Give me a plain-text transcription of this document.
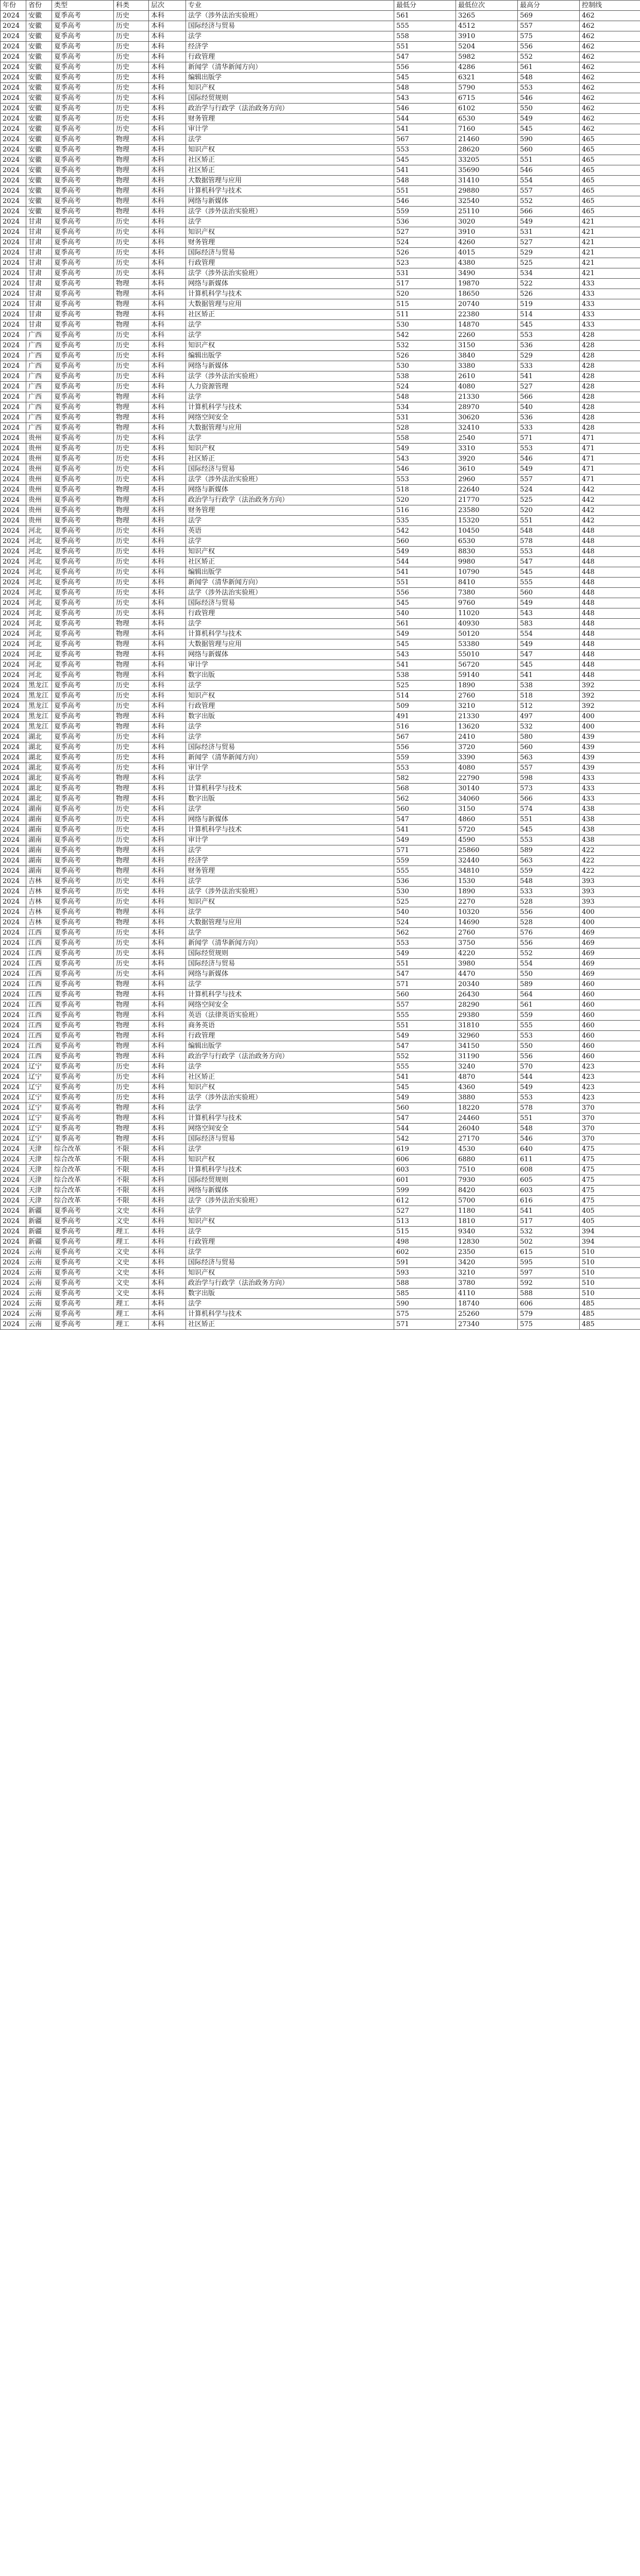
年份	省份	类型	科类	层次	专业	最低分	最低位次	最高分	控制线
2024	安徽	夏季高考	历史	本科	法学（涉外法治实验班）	561	3265	569	462
2024	安徽	夏季高考	历史	本科	国际经济与贸易	555	4512	557	462
2024	安徽	夏季高考	历史	本科	法学	558	3910	575	462
2024	安徽	夏季高考	历史	本科	经济学	551	5204	556	462
2024	安徽	夏季高考	历史	本科	行政管理	547	5982	552	462
2024	安徽	夏季高考	历史	本科	新闻学（清华新闻方向）	556	4286	561	462
2024	安徽	夏季高考	历史	本科	编辑出版学	545	6321	548	462
2024	安徽	夏季高考	历史	本科	知识产权	548	5790	553	462
2024	安徽	夏季高考	历史	本科	国际经贸规则	543	6715	546	462
2024	安徽	夏季高考	历史	本科	政治学与行政学（法治政务方向）	546	6102	550	462
2024	安徽	夏季高考	历史	本科	财务管理	544	6530	549	462
2024	安徽	夏季高考	历史	本科	审计学	541	7160	545	462
2024	安徽	夏季高考	物理	本科	法学	567	21460	590	465
2024	安徽	夏季高考	物理	本科	知识产权	553	28620	560	465
2024	安徽	夏季高考	物理	本科	社区矫正	545	33205	551	465
2024	安徽	夏季高考	物理	本科	社区矫正	541	35690	546	465
2024	安徽	夏季高考	物理	本科	大数据管理与应用	548	31410	554	465
2024	安徽	夏季高考	物理	本科	计算机科学与技术	551	29880	557	465
2024	安徽	夏季高考	物理	本科	网络与新媒体	546	32540	552	465
2024	安徽	夏季高考	物理	本科	法学（涉外法治实验班）	559	25110	566	465
2024	甘肃	夏季高考	历史	本科	法学	536	3020	549	421
2024	甘肃	夏季高考	历史	本科	知识产权	527	3910	531	421
2024	甘肃	夏季高考	历史	本科	财务管理	524	4260	527	421
2024	甘肃	夏季高考	历史	本科	国际经济与贸易	526	4015	529	421
2024	甘肃	夏季高考	历史	本科	行政管理	523	4380	525	421
2024	甘肃	夏季高考	历史	本科	法学（涉外法治实验班）	531	3490	534	421
2024	甘肃	夏季高考	物理	本科	网络与新媒体	517	19870	522	433
2024	甘肃	夏季高考	物理	本科	计算机科学与技术	520	18650	526	433
2024	甘肃	夏季高考	物理	本科	大数据管理与应用	515	20740	519	433
2024	甘肃	夏季高考	物理	本科	社区矫正	511	22380	514	433
2024	甘肃	夏季高考	物理	本科	法学	530	14870	545	433
2024	广西	夏季高考	历史	本科	法学	542	2260	553	428
2024	广西	夏季高考	历史	本科	知识产权	532	3150	536	428
2024	广西	夏季高考	历史	本科	编辑出版学	526	3840	529	428
2024	广西	夏季高考	历史	本科	网络与新媒体	530	3380	533	428
2024	广西	夏季高考	历史	本科	法学（涉外法治实验班）	538	2610	541	428
2024	广西	夏季高考	历史	本科	人力资源管理	524	4080	527	428
2024	广西	夏季高考	物理	本科	法学	548	21330	566	428
2024	广西	夏季高考	物理	本科	计算机科学与技术	534	28970	540	428
2024	广西	夏季高考	物理	本科	网络空间安全	531	30620	536	428
2024	广西	夏季高考	物理	本科	大数据管理与应用	528	32410	533	428
2024	贵州	夏季高考	历史	本科	法学	558	2540	571	471
2024	贵州	夏季高考	历史	本科	知识产权	549	3310	553	471
2024	贵州	夏季高考	历史	本科	社区矫正	543	3920	546	471
2024	贵州	夏季高考	历史	本科	国际经济与贸易	546	3610	549	471
2024	贵州	夏季高考	历史	本科	法学（涉外法治实验班）	553	2960	557	471
2024	贵州	夏季高考	物理	本科	网络与新媒体	518	22640	524	442
2024	贵州	夏季高考	物理	本科	政治学与行政学（法治政务方向）	520	21770	525	442
2024	贵州	夏季高考	物理	本科	财务管理	516	23580	520	442
2024	贵州	夏季高考	物理	本科	法学	535	15320	551	442
2024	河北	夏季高考	历史	本科	英语	542	10450	548	448
2024	河北	夏季高考	历史	本科	法学	560	6530	578	448
2024	河北	夏季高考	历史	本科	知识产权	549	8830	553	448
2024	河北	夏季高考	历史	本科	社区矫正	544	9980	547	448
2024	河北	夏季高考	历史	本科	编辑出版学	541	10790	545	448
2024	河北	夏季高考	历史	本科	新闻学（清华新闻方向）	551	8410	555	448
2024	河北	夏季高考	历史	本科	法学（涉外法治实验班）	556	7380	560	448
2024	河北	夏季高考	历史	本科	国际经济与贸易	545	9760	549	448
2024	河北	夏季高考	历史	本科	行政管理	540	11020	543	448
2024	河北	夏季高考	物理	本科	法学	561	40930	583	448
2024	河北	夏季高考	物理	本科	计算机科学与技术	549	50120	554	448
2024	河北	夏季高考	物理	本科	大数据管理与应用	545	53380	549	448
2024	河北	夏季高考	物理	本科	网络与新媒体	543	55010	547	448
2024	河北	夏季高考	物理	本科	审计学	541	56720	545	448
2024	河北	夏季高考	物理	本科	数字出版	538	59140	541	448
2024	黑龙江	夏季高考	历史	本科	法学	525	1890	538	392
2024	黑龙江	夏季高考	历史	本科	知识产权	514	2760	518	392
2024	黑龙江	夏季高考	历史	本科	行政管理	509	3210	512	392
2024	黑龙江	夏季高考	物理	本科	数字出版	491	21330	497	400
2024	黑龙江	夏季高考	物理	本科	法学	516	13620	532	400
2024	湖北	夏季高考	历史	本科	法学	567	2410	580	439
2024	湖北	夏季高考	历史	本科	国际经济与贸易	556	3720	560	439
2024	湖北	夏季高考	历史	本科	新闻学（清华新闻方向）	559	3390	563	439
2024	湖北	夏季高考	历史	本科	审计学	553	4080	557	439
2024	湖北	夏季高考	物理	本科	法学	582	22790	598	433
2024	湖北	夏季高考	物理	本科	计算机科学与技术	568	30140	573	433
2024	湖北	夏季高考	物理	本科	数字出版	562	34060	566	433
2024	湖南	夏季高考	历史	本科	法学	560	3150	574	438
2024	湖南	夏季高考	历史	本科	网络与新媒体	547	4860	551	438
2024	湖南	夏季高考	历史	本科	计算机科学与技术	541	5720	545	438
2024	湖南	夏季高考	历史	本科	审计学	549	4590	553	438
2024	湖南	夏季高考	物理	本科	法学	571	25860	589	422
2024	湖南	夏季高考	物理	本科	经济学	559	32440	563	422
2024	湖南	夏季高考	物理	本科	财务管理	555	34810	559	422
2024	吉林	夏季高考	历史	本科	法学	536	1530	548	393
2024	吉林	夏季高考	历史	本科	法学（涉外法治实验班）	530	1890	533	393
2024	吉林	夏季高考	历史	本科	知识产权	525	2270	528	393
2024	吉林	夏季高考	物理	本科	法学	540	10320	556	400
2024	吉林	夏季高考	物理	本科	大数据管理与应用	524	14690	528	400
2024	江西	夏季高考	历史	本科	法学	562	2760	576	469
2024	江西	夏季高考	历史	本科	新闻学（清华新闻方向）	553	3750	556	469
2024	江西	夏季高考	历史	本科	国际经贸规则	549	4220	552	469
2024	江西	夏季高考	历史	本科	国际经济与贸易	551	3980	554	469
2024	江西	夏季高考	历史	本科	网络与新媒体	547	4470	550	469
2024	江西	夏季高考	物理	本科	法学	571	20340	589	460
2024	江西	夏季高考	物理	本科	计算机科学与技术	560	26430	564	460
2024	江西	夏季高考	物理	本科	网络空间安全	557	28290	561	460
2024	江西	夏季高考	物理	本科	英语（法律英语实验班）	555	29380	559	460
2024	江西	夏季高考	物理	本科	商务英语	551	31810	555	460
2024	江西	夏季高考	物理	本科	行政管理	549	32960	553	460
2024	江西	夏季高考	物理	本科	编辑出版学	547	34150	550	460
2024	江西	夏季高考	物理	本科	政治学与行政学（法治政务方向）	552	31190	556	460
2024	辽宁	夏季高考	历史	本科	法学	555	3240	570	423
2024	辽宁	夏季高考	历史	本科	社区矫正	541	4870	544	423
2024	辽宁	夏季高考	历史	本科	知识产权	545	4360	549	423
2024	辽宁	夏季高考	历史	本科	法学（涉外法治实验班）	549	3880	553	423
2024	辽宁	夏季高考	物理	本科	法学	560	18220	578	370
2024	辽宁	夏季高考	物理	本科	计算机科学与技术	547	24460	551	370
2024	辽宁	夏季高考	物理	本科	网络空间安全	544	26040	548	370
2024	辽宁	夏季高考	物理	本科	国际经济与贸易	542	27170	546	370
2024	天津	综合改革	不限	本科	法学	619	4530	640	475
2024	天津	综合改革	不限	本科	知识产权	606	6880	611	475
2024	天津	综合改革	不限	本科	计算机科学与技术	603	7510	608	475
2024	天津	综合改革	不限	本科	国际经贸规则	601	7930	605	475
2024	天津	综合改革	不限	本科	网络与新媒体	599	8420	603	475
2024	天津	综合改革	不限	本科	法学（涉外法治实验班）	612	5700	616	475
2024	新疆	夏季高考	文史	本科	法学	527	1180	541	405
2024	新疆	夏季高考	文史	本科	知识产权	513	1810	517	405
2024	新疆	夏季高考	理工	本科	法学	515	9340	532	394
2024	新疆	夏季高考	理工	本科	行政管理	498	12830	502	394
2024	云南	夏季高考	文史	本科	法学	602	2350	615	510
2024	云南	夏季高考	文史	本科	国际经济与贸易	591	3420	595	510
2024	云南	夏季高考	文史	本科	知识产权	593	3210	597	510
2024	云南	夏季高考	文史	本科	政治学与行政学（法治政务方向）	588	3780	592	510
2024	云南	夏季高考	文史	本科	数字出版	585	4110	588	510
2024	云南	夏季高考	理工	本科	法学	590	18740	606	485
2024	云南	夏季高考	理工	本科	计算机科学与技术	575	25260	579	485
2024	云南	夏季高考	理工	本科	社区矫正	571	27340	575	485
